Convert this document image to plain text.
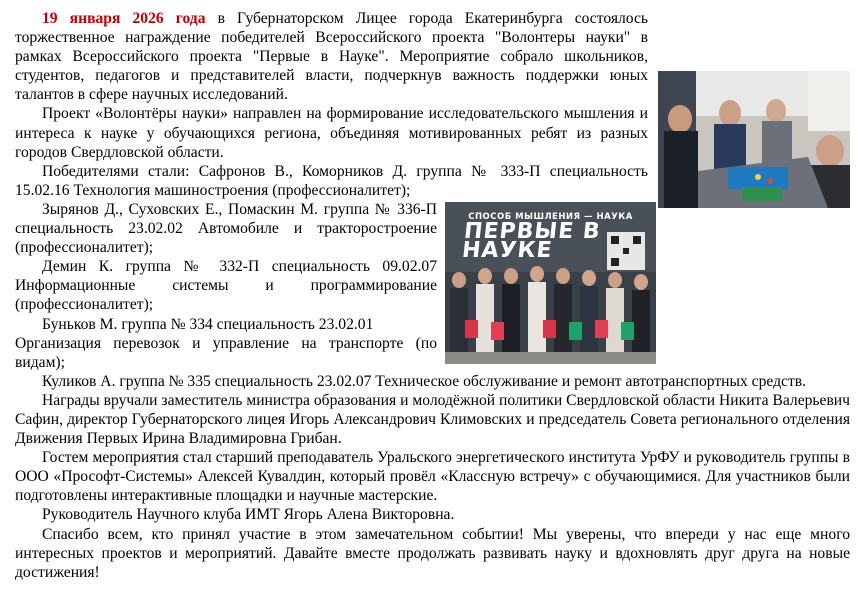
19 января 2026 года в Губернаторском Лицее города Екатеринбурга состоялось торжественное награждение победителей Всероссийского проекта "Волонтеры науки" в рамках Всероссийского проекта "Первые в Науке". Мероприятие собрало школьников, студентов, педагогов и представителей власти, подчеркнув важность поддержки юных талантов в сфере научных исследований.

Проект «Волонтёры науки» направлен на формирование исследовательского мышления и интереса к науке у обучающихся региона, объединяя мотивированных ребят из разных городов Свердловской области.

Победителями стали: Сафронов В., Коморников Д. группа № 333-П специальность 15.02.16 Технология машиностроения (профессионалитет);

СПОСОБ МЫШЛЕНИЯ — НАУКА
ПЕРВЫЕ В НАУКЕ

Зырянов Д., Суховских Е., Помаскин М. группа № 336-П специальность 23.02.02 Автомобиле и тракторостроение (профессионалитет);

Демин К. группа № 332-П специальность 09.02.07 Информационные системы и программирование (профессионалитет);

Буньков М. группа № 334 специальность 23.02.01

Организация перевозок и управление на транспорте (по видам);

Куликов А. группа № 335 специальность 23.02.07 Техническое обслуживание и ремонт автотранспортных средств.

Награды вручали заместитель министра образования и молодёжной политики Свердловской области Никита Валерьевич Сафин, директор Губернаторского лицея Игорь Александрович Климовских и председатель Совета регионального отделения Движения Первых Ирина Владимировна Грибан.

Гостем мероприятия стал старший преподаватель Уральского энергетического института УрФУ и руководитель группы в ООО «Прософт-Системы» Алексей Кувалдин, который провёл «Классную встречу» с обучающимися. Для участников были подготовлены интерактивные площадки и научные мастерские.

Руководитель Научного клуба ИМТ Ягорь Алена Викторовна.

Спасибо всем, кто принял участие в этом замечательном событии! Мы уверены, что впереди у нас еще много интересных проектов и мероприятий. Давайте вместе продолжать развивать науку и вдохновлять друг друга на новые достижения!
